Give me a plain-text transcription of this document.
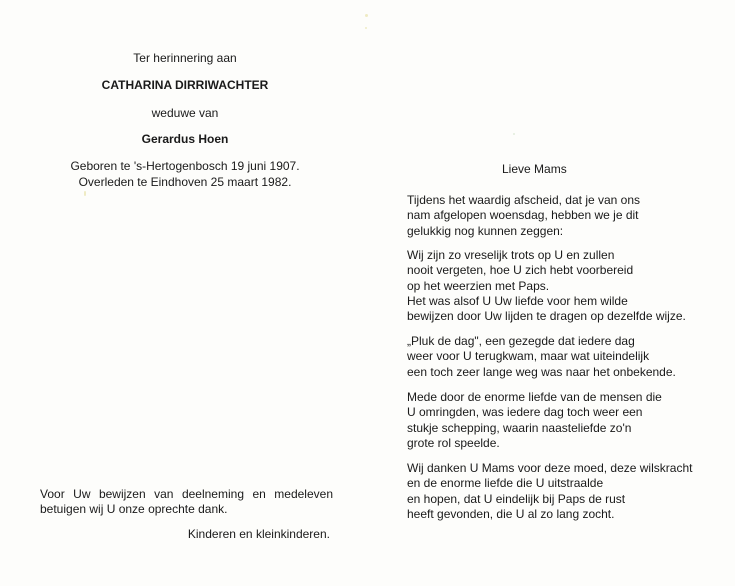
Ter herinnering aan
CATHARINA DIRRIWACHTER
weduwe van
Gerardus Hoen
Geboren te 's-Hertogenbosch 19 juni 1907.
Overleden te Eindhoven 25 maart 1982.
Voor Uw bewijzen van deelneming en medeleven
betuigen wij U onze oprechte dank.
Kinderen en kleinkinderen.
Lieve Mams
Tijdens het waardig afscheid, dat je van ons
nam afgelopen woensdag, hebben we je dit
gelukkig nog kunnen zeggen:
Wij zijn zo vreselijk trots op U en zullen
nooit vergeten, hoe U zich hebt voorbereid
op het weerzien met Paps.
Het was alsof U Uw liefde voor hem wilde
bewijzen door Uw lijden te dragen op dezelfde wijze.
„Pluk de dag", een gezegde dat iedere dag
weer voor U terugkwam, maar wat uiteindelijk
een toch zeer lange weg was naar het onbekende.
Mede door de enorme liefde van de mensen die
U omringden, was iedere dag toch weer een
stukje schepping, waarin naasteliefde zo'n
grote rol speelde.
Wij danken U Mams voor deze moed, deze wilskracht
en de enorme liefde die U uitstraalde
en hopen, dat U eindelijk bij Paps de rust
heeft gevonden, die U al zo lang zocht.
